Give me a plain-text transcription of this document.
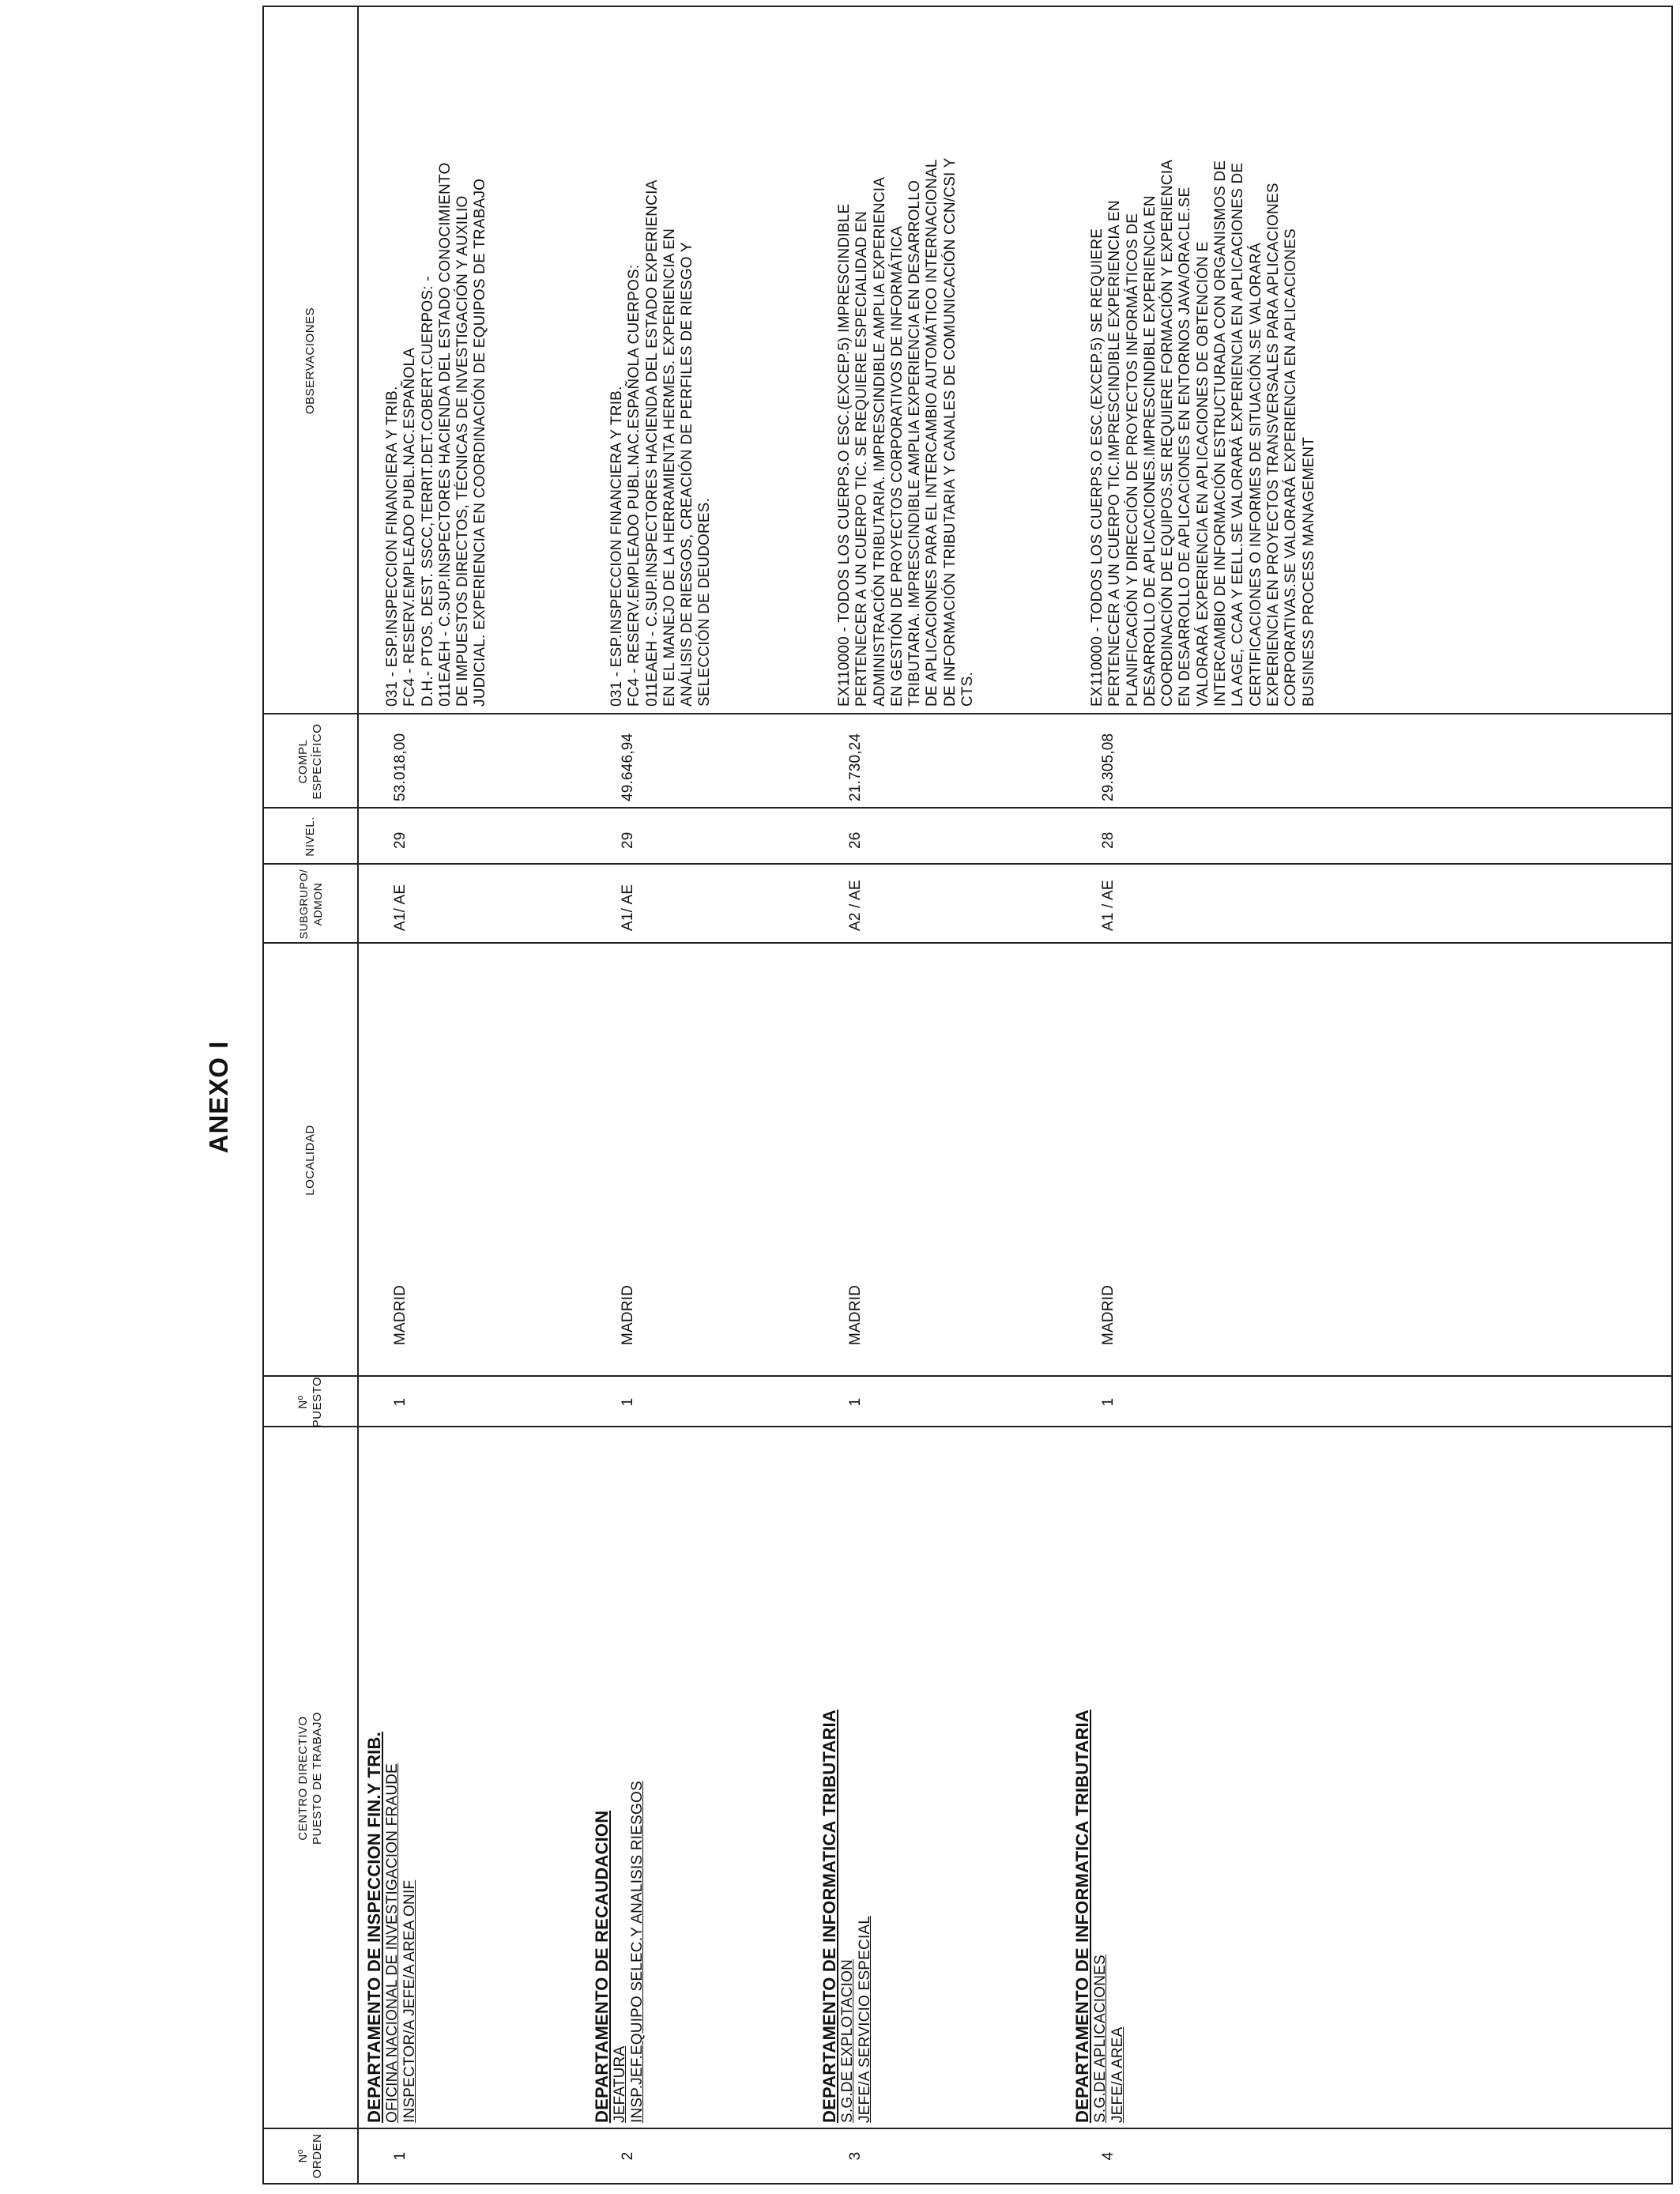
ANEXO I
Nº ORDEN
CENTRO DIRECTIVO PUESTO DE TRABAJO
Nº PUESTO
LOCALIDAD
SUBGRUPO/ ADMON
NIVEL.
COMPL ESPECÍFICO
OBSERVACIONES
1
DEPARTAMENTO DE INSPECCION FIN.Y TRIB. OFICINA NACIONAL DE INVESTIGACION FRAUDE INSPECTOR/A JEFE/A AREA ONIF
1
MADRID
A1/ AE
29
53.018,00
031 - ESP.INSPECCION FINANCIERA Y TRIB. FC4 - RESERV.EMPLEADO PUBL.NAC.ESPAÑOLA D.H.- PTOS. DEST. SSCC,TERRIT.DET.COBERT.CUERPOS: - 011EAEH - C.SUP.INSPECTORES HACIENDA DEL ESTADO CONOCIMIENTO DE IMPUESTOS DIRECTOS, TÉCNICAS DE INVESTIGACIÓN Y AUXILIO JUDICIAL. EXPERIENCIA EN COORDINACIÓN DE EQUIPOS DE TRABAJO
2
DEPARTAMENTO DE RECAUDACION JEFATURA INSP.JEF.EQUIPO SELEC.Y ANALISIS RIESGOS
1
MADRID
A1/ AE
29
49.646,94
031 - ESP.INSPECCION FINANCIERA Y TRIB. FC4 - RESERV.EMPLEADO PUBL.NAC.ESPAÑOLA CUERPOS: 011EAEH - C.SUP.INSPECTORES HACIENDA DEL ESTADO EXPERIENCIA EN EL MANEJO DE LA HERRAMIENTA HERMES. EXPERIENCIA EN ANÁLISIS DE RIESGOS, CREACIÓN DE PERFILES DE RIESGO Y SELECCIÓN DE DEUDORES.
3
DEPARTAMENTO DE INFORMATICA TRIBUTARIA S.G.DE EXPLOTACION JEFE/A SERVICIO ESPECIAL
1
MADRID
A2 / AE
26
21.730,24
EX110000 - TODOS LOS CUERPS.O ESC.(EXCEP.5) IMPRESCINDIBLE PERTENECER A UN CUERPO TIC. SE REQUIERE ESPECIALIDAD EN ADMINISTRACIÓN TRIBUTARIA. IMPRESCINDIBLE AMPLIA EXPERIENCIA EN GESTIÓN DE PROYECTOS CORPORATIVOS DE INFORMÁTICA TRIBUTARIA. IMPRESCINDIBLE AMPLIA EXPERIENCIA EN DESARROLLO DE APLICACIONES PARA EL INTERCAMBIO AUTOMÁTICO INTERNACIONAL DE INFORMACIÓN TRIBUTARIA Y CANALES DE COMUNICACIÓN CCN/CSI Y CTS.
4
DEPARTAMENTO DE INFORMATICA TRIBUTARIA S.G.DE APLICACIONES JEFE/A AREA
1
MADRID
A1 / AE
28
29.305,08
EX110000 - TODOS LOS CUERPS.O ESC.(EXCEP.5) SE REQUIERE PERTENECER A UN CUERPO TIC.IMPRESCINDIBLE EXPERIENCIA EN PLANIFICACIÓN Y DIRECCIÓN DE PROYECTOS INFORMÁTICOS DE DESARROLLO DE APLICACIONES.IMPRESCINDIBLE EXPERIENCIA EN COORDINACIÓN DE EQUIPOS.SE REQUIERE FORMACIÓN Y EXPERIENCIA EN DESARROLLO DE APLICACIONES EN ENTORNOS JAVA/ORACLE.SE VALORARÁ EXPERIENCIA EN APLICACIONES DE OBTENCIÓN E INTERCAMBIO DE INFORMACIÓN ESTRUCTURADA CON ORGANISMOS DE LA AGE, CCAA Y EELL.SE VALORARÁ EXPERIENCIA EN APLICACIONES DE CERTIFICACIONES O INFORMES DE SITUACIÓN.SE VALORARÁ EXPERIENCIA EN PROYECTOS TRANSVERSALES PARA APLICACIONES CORPORATIVAS.SE VALORARÁ EXPERIENCIA EN APLICACIONES BUSINESS PROCESS MANAGEMENT
